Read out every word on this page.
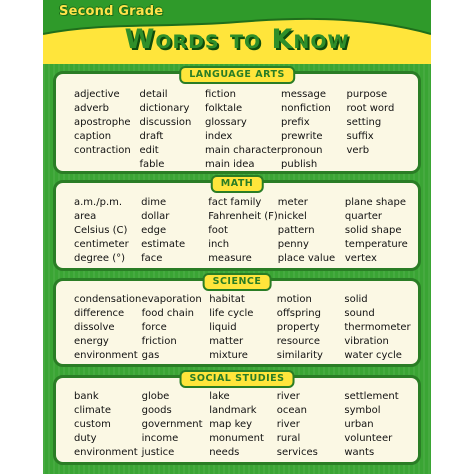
Second Grade
Words to Know
LANGUAGE ARTS
adjective
adverb
apostrophe
caption
contraction
detail
dictionary
discussion
draft
edit
fable
fiction
folktale
glossary
index
main character
main idea
message
nonfiction
prefix
prewrite
pronoun
publish
purpose
root word
setting
suffix
verb
MATH
a.m./p.m.
area
Celsius (C)
centimeter
degree (°)
dime
dollar
edge
estimate
face
fact family
Fahrenheit (F)
foot
inch
measure
meter
nickel
pattern
penny
place value
plane shape
quarter
solid shape
temperature
vertex
SCIENCE
condensation
difference
dissolve
energy
environment
evaporation
food chain
force
friction
gas
habitat
life cycle
liquid
matter
mixture
motion
offspring
property
resource
similarity
solid
sound
thermometer
vibration
water cycle
SOCIAL STUDIES
bank
climate
custom
duty
environment
globe
goods
government
income
justice
lake
landmark
map key
monument
needs
river
ocean
river
rural
services
settlement
symbol
urban
volunteer
wants
